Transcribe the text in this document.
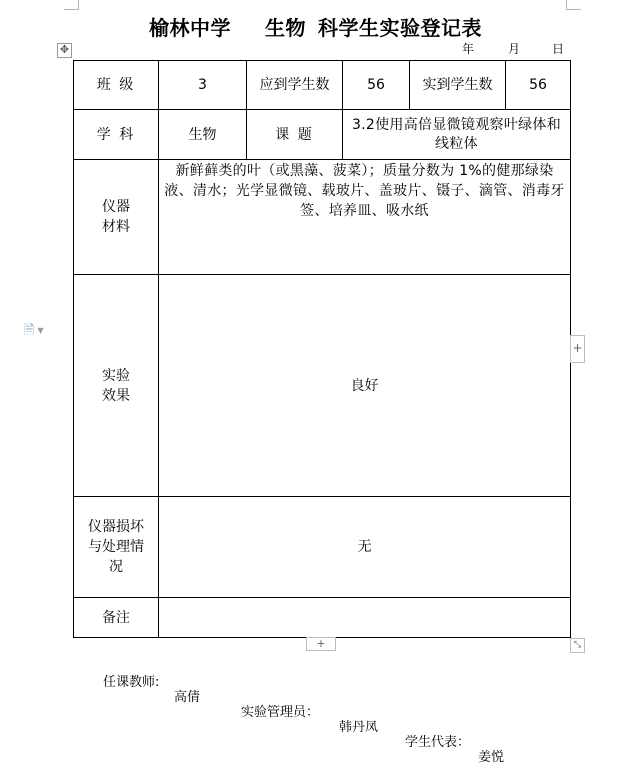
榆林中学 生物 科学生实验登记表
年	月	日
✥
🗎 ▼
班 级	3	应到学生数	56	实到学生数	56
学 科	生物	课 题	3.2使用高倍显微镜观察叶绿体和线粒体		

仪器材料	新鲜藓类的叶（或黑藻、菠菜）；质量分数为 1%的健那绿染液、清水；光学显微镜、载玻片、盖玻片、镊子、滴管、消毒牙签、培养皿、吸水纸				

实验效果	良好				

仪器损坏与处理情况	无				
备注					
+
+	⤡

任课教师:

高倩

实验管理员：

韩丹凤

学生代表：

姜悦
